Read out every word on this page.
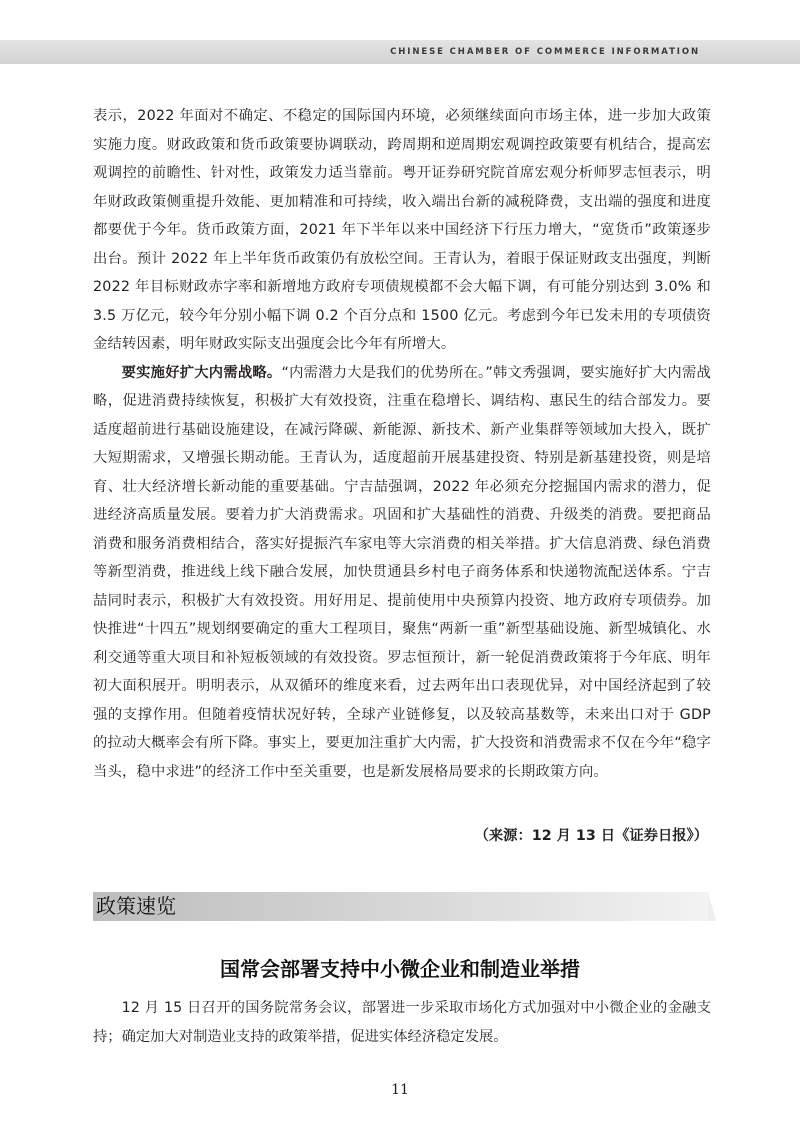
CHINESE CHAMBER OF COMMERCE INFORMATION

表示，2022 年面对不确定、不稳定的国际国内环境，必须继续面向市场主体，进一步加大政策实施力度。财政政策和货币政策要协调联动，跨周期和逆周期宏观调控政策要有机结合，提高宏观调控的前瞻性、针对性，政策发力适当靠前。粤开证券研究院首席宏观分析师罗志恒表示，明年财政政策侧重提升效能、更加精准和可持续，收入端出台新的减税降费，支出端的强度和进度都要优于今年。货币政策方面，2021 年下半年以来中国经济下行压力增大，“宽货币”政策逐步出台。预计 2022 年上半年货币政策仍有放松空间。王青认为，着眼于保证财政支出强度，判断 2022 年目标财政赤字率和新增地方政府专项债规模都不会大幅下调，有可能分别达到 3.0% 和 3.5 万亿元，较今年分别小幅下调 0.2 个百分点和 1500 亿元。考虑到今年已发未用的专项债资金结转因素，明年财政实际支出强度会比今年有所增大。

要实施好扩大内需战略。“内需潜力大是我们的优势所在。”韩文秀强调，要实施好扩大内需战略，促进消费持续恢复，积极扩大有效投资，注重在稳增长、调结构、惠民生的结合部发力。要适度超前进行基础设施建设，在减污降碳、新能源、新技术、新产业集群等领域加大投入，既扩大短期需求，又增强长期动能。王青认为，适度超前开展基建投资、特别是新基建投资，则是培育、壮大经济增长新动能的重要基础。宁吉喆强调，2022 年必须充分挖掘国内需求的潜力，促进经济高质量发展。要着力扩大消费需求。巩固和扩大基础性的消费、升级类的消费。要把商品消费和服务消费相结合，落实好提振汽车家电等大宗消费的相关举措。扩大信息消费、绿色消费等新型消费，推进线上线下融合发展，加快贯通县乡村电子商务体系和快递物流配送体系。宁吉喆同时表示，积极扩大有效投资。用好用足、提前使用中央预算内投资、地方政府专项债券。加快推进“十四五”规划纲要确定的重大工程项目，聚焦“两新一重”新型基础设施、新型城镇化、水利交通等重大项目和补短板领域的有效投资。罗志恒预计，新一轮促消费政策将于今年底、明年初大面积展开。明明表示，从双循环的维度来看，过去两年出口表现优异，对中国经济起到了较强的支撑作用。但随着疫情状况好转，全球产业链修复，以及较高基数等，未来出口对于 GDP 的拉动大概率会有所下降。事实上，要更加注重扩大内需，扩大投资和消费需求不仅在今年“稳字当头，稳中求进”的经济工作中至关重要，也是新发展格局要求的长期政策方向。

（来源：12 月 13 日《证券日报》）
政策速览
国常会部署支持中小微企业和制造业举措

12 月 15 日召开的国务院常务会议，部署进一步采取市场化方式加强对中小微企业的金融支持；确定加大对制造业支持的政策举措，促进实体经济稳定发展。

11
